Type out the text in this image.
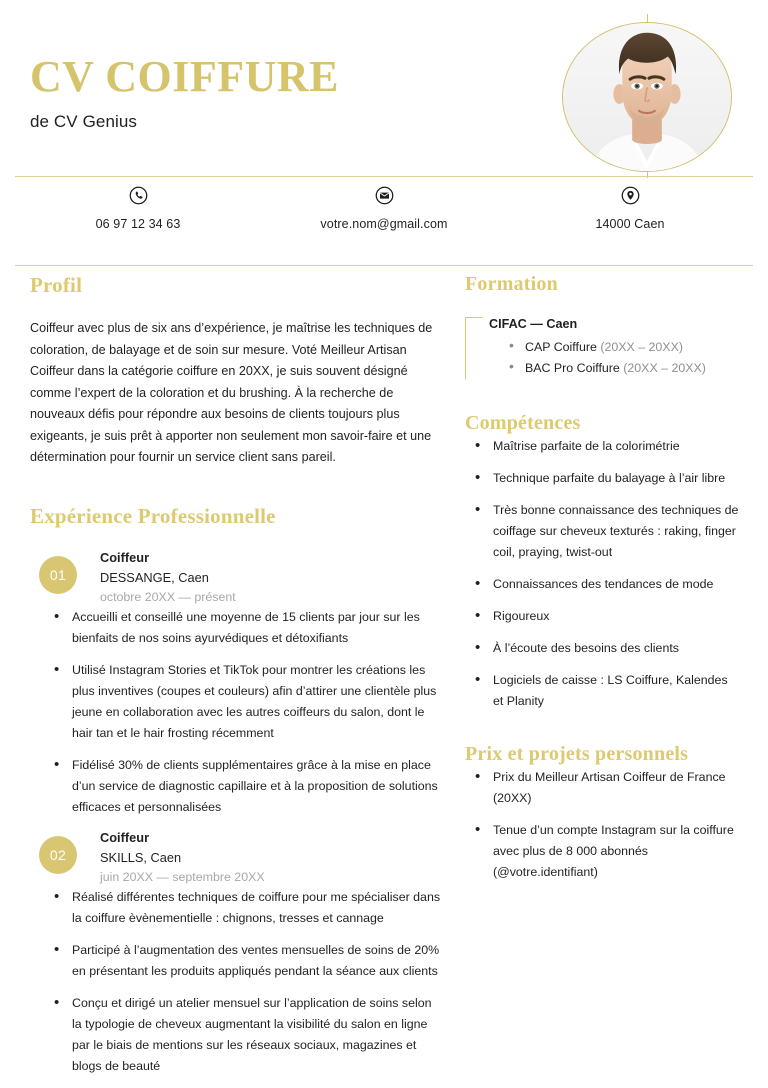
CV COIFFURE
de CV Genius
06 97 12 34 63	votre.nom@gmail.com	14000 Caen
Profil
Coiffeur avec plus de six ans d’expérience, je maîtrise les techniques de coloration, de balayage et de soin sur mesure. Voté Meilleur Artisan Coiffeur dans la catégorie coiffure en 20XX, je suis souvent désigné comme l’expert de la coloration et du brushing. À la recherche de nouveaux défis pour répondre aux besoins de clients toujours plus exigeants, je suis prêt à apporter non seulement mon savoir-faire et une détermination pour fournir un service client sans pareil.
Expérience Professionnelle
01
Coiffeur
DESSANGE, Caen
octobre 20XX — présent
• Accueilli et conseillé une moyenne de 15 clients par jour sur les bienfaits de nos soins ayurvédiques et détoxifiants
• Utilisé Instagram Stories et TikTok pour montrer les créations les plus inventives (coupes et couleurs) afin d’attirer une clientèle plus jeune en collaboration avec les autres coiffeurs du salon, dont le hair tan et le hair frosting récemment
• Fidélisé 30% de clients supplémentaires grâce à la mise en place d’un service de diagnostic capillaire et à la proposition de solutions efficaces et personnalisées
02
Coiffeur
SKILLS, Caen
juin 20XX — septembre 20XX
• Réalisé différentes techniques de coiffure pour me spécialiser dans la coiffure èvènementielle : chignons, tresses et cannage
• Participé à l’augmentation des ventes mensuelles de soins de 20% en présentant les produits appliqués pendant la séance aux clients
• Conçu et dirigé un atelier mensuel sur l’application de soins selon la typologie de cheveux augmentant la visibilité du salon en ligne par le biais de mentions sur les réseaux sociaux, magazines et blogs de beauté
Formation
CIFAC — Caen
• CAP Coiffure (20XX – 20XX)
• BAC Pro Coiffure (20XX – 20XX)
Compétences
• Maîtrise parfaite de la colorimétrie
• Technique parfaite du balayage à l’air libre
• Très bonne connaissance des techniques de coiffage sur cheveux texturés : raking, finger coil, praying, twist-out
• Connaissances des tendances de mode
• Rigoureux
• À l’écoute des besoins des clients
• Logiciels de caisse : LS Coiffure, Kalendes et Planity
Prix et projets personnels
• Prix du Meilleur Artisan Coiffeur de France (20XX)
• Tenue d’un compte Instagram sur la coiffure avec plus de 8 000 abonnés (@votre.identifiant)
